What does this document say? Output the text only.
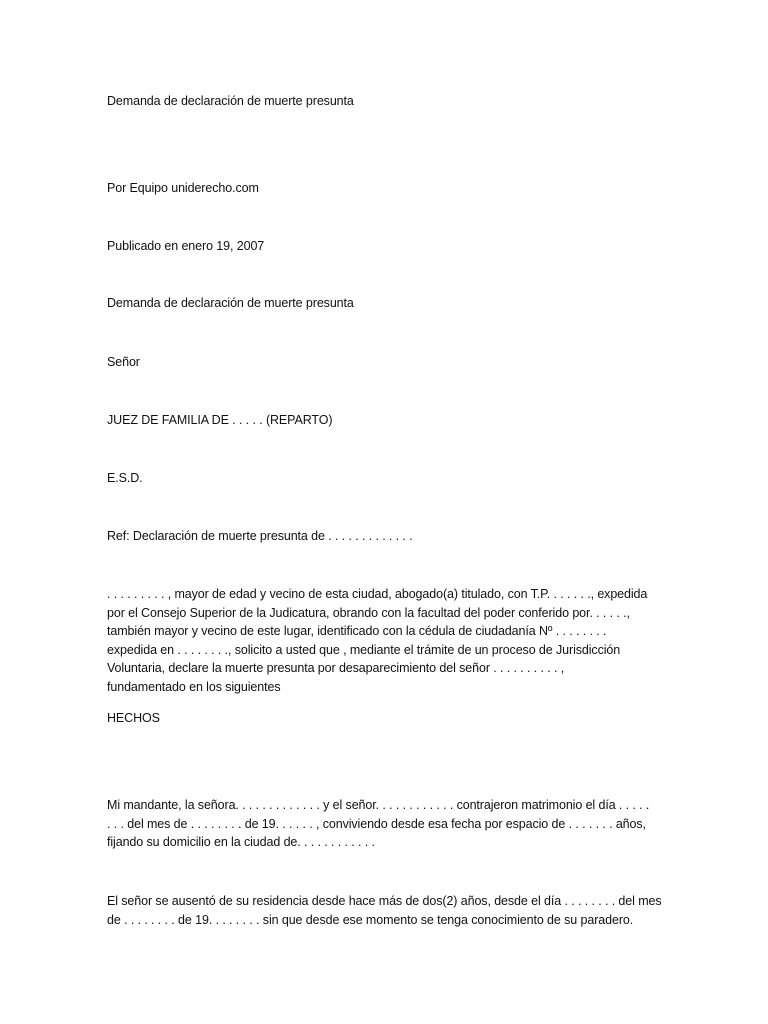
Demanda de declaración de muerte presunta

Por Equipo uniderecho.com

Publicado en enero 19, 2007

Demanda de declaración de muerte presunta

Señor

JUEZ DE FAMILIA DE . . . . . (REPARTO)

E.S.D.

Ref: Declaración de muerte presunta de . . . . . . . . . . . . .

. . . . . . . . . , mayor de edad y vecino de esta ciudad, abogado(a) titulado, con T.P. . . . . . ., expedida
por el Consejo Superior de la Judicatura, obrando con la facultad del poder conferido por. . . . . .,
también mayor y vecino de este lugar, identificado con la cédula de ciudadanía Nº . . . . . . . .
expedida en . . . . . . . ., solicito a usted que , mediante el trámite de un proceso de Jurisdicción
Voluntaria, declare la muerte presunta por desaparecimiento del señor . . . . . . . . . . ,
fundamentado en los siguientes

HECHOS

Mi mandante, la señora. . . . . . . . . . . . . y el señor. . . . . . . . . . . . contrajeron matrimonio el día . . . . .
. . . del mes de . . . . . . . . de 19. . . . . . , conviviendo desde esa fecha por espacio de . . . . . . . años,
fijando su domicilio en la ciudad de. . . . . . . . . . . .
El señor se ausentó de su residencia desde hace más de dos(2) años, desde el día . . . . . . . . del mes
de . . . . . . . . de 19. . . . . . . . sin que desde ese momento se tenga conocimiento de su paradero.
